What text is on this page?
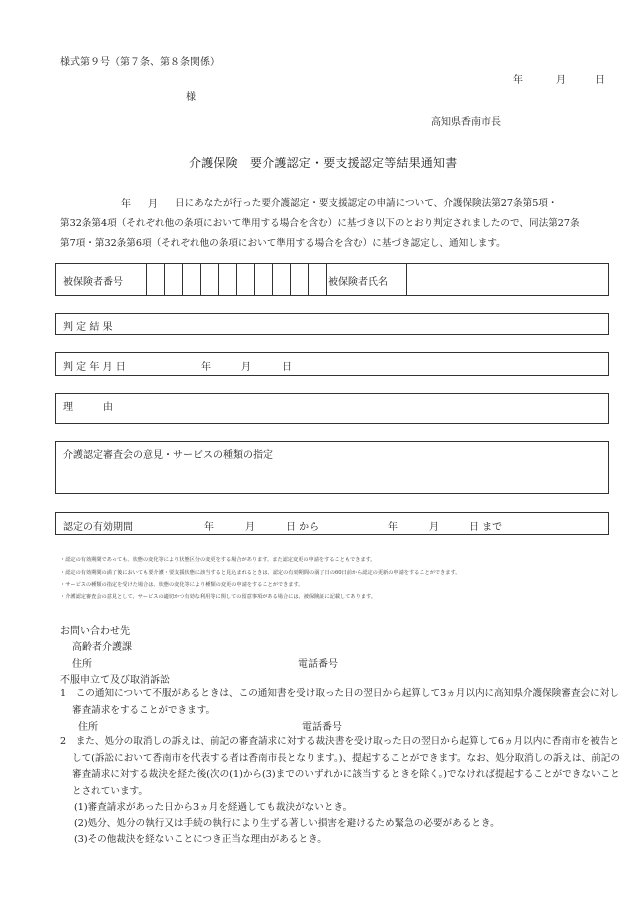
様式第９号（第７条、第８条関係）
年	月	日
様
高知県香南市長
介護保険　要介護認定・要支援認定等結果通知書
年 月 日にあなたが行った要介護認定・要支援認定の申請について、介護保険法第27条第5項・
第32条第4項（それぞれ他の条項において準用する場合を含む）に基づき以下のとおり判定されましたので、同法第27条
第7項・第32条第6項（それぞれ他の条項において準用する場合を含む）に基づき認定し、通知します。
被保険者番号	被保険者氏名
判 定 結 果
判 定 年 月 日	年	月	日
理　　　由
介護認定審査会の意見・サービスの種類の指定
認定の有効期間	年	月	日 から	年	月	日 まで
・認定の有効期間であっても、状態の変化等により状態区分の変更をする場合があります。また認定変更の申請をすることもできます。
・認定の有効期間の満了後においても要介護・要支援状態に該当すると見込まれるときは、認定の有効期間の満了日の60日前から認定の更新の申請をすることができます。
・サービスの種類の指定を受けた場合は、状態の変化等により種類の変更の申請をすることができます。
・介護認定審査会の意見として、サービスの適切かつ有効な利用等に関しての留意事項がある場合には、被保険証に記載してあります。
お問い合わせ先
高齢者介護課
住所	電話番号
不服申立て及び取消訴訟
1　この通知について不服があるときは、この通知書を受け取った日の翌日から起算して3ヵ月以内に高知県介護保険審査会に対し審査請求をすることができます。
住所	電話番号
2　また、処分の取消しの訴えは、前記の審査請求に対する裁決書を受け取った日の翌日から起算して6ヵ月以内に香南市を被告として(訴訟において香南市を代表する者は香南市長となります。)、提起することができます。なお、処分取消しの訴えは、前記の審査請求に対する裁決を経た後(次の(1)から(3)までのいずれかに該当するときを除く。)でなければ提起することができないこととされています。
(1)審査請求があった日から3ヵ月を経過しても裁決がないとき。
(2)処分、処分の執行又は手続の執行により生ずる著しい損害を避けるため緊急の必要があるとき。
(3)その他裁決を経ないことにつき正当な理由があるとき。
